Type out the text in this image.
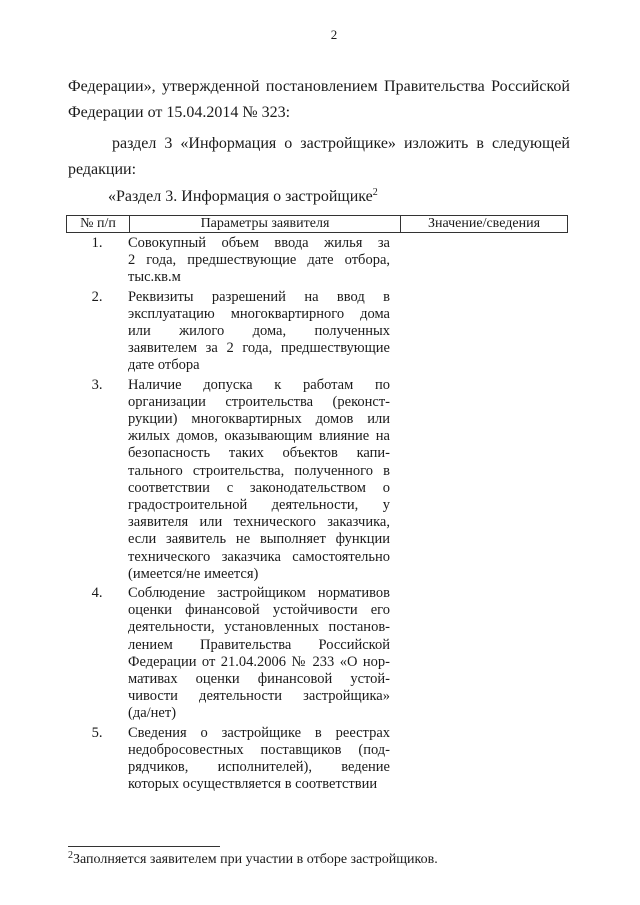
2

Федерации», утвержденной постановлением Правительства Российской

Федерации от 15.04.2014 № 323:

раздел 3 «Информация о застройщике» изложить в следующей

редакции:

«Раздел 3. Информация о застройщике$^2$
№ п/п	Параметры заявителя	Значение/сведения
1.	Совокупный объем ввода жилья за
2 года, предшествующие дате отбора,
тыс.кв.м
2.	Реквизиты разрешений на ввод в
эксплуатацию многоквартирного дома
или жилого дома, полученных
заявителем за 2 года, предшествующие
дате отбора
3.	Наличие допуска к работам по
организации строительства (реконст-
рукции) многоквартирных домов или
жилых домов, оказывающим влияние на
безопасность таких объектов капи-
тального строительства, полученного в
соответствии с законодательством о
градостроительной деятельности, у
заявителя или технического заказчика,
если заявитель не выполняет функции
технического заказчика самостоятельно
(имеется/не имеется)
4.	Соблюдение застройщиком нормативов
оценки финансовой устойчивости его
деятельности, установленных постанов-
лением Правительства Российской
Федерации от 21.04.2006 № 233 «О нор-
мативах оценки финансовой устой-
чивости деятельности застройщика»
(да/нет)
5.	Сведения о застройщике в реестрах
недобросовестных поставщиков (под-
рядчиков, исполнителей), ведение
которых осуществляется в соответствии
$^2$Заполняется заявителем при участии в отборе застройщиков.
